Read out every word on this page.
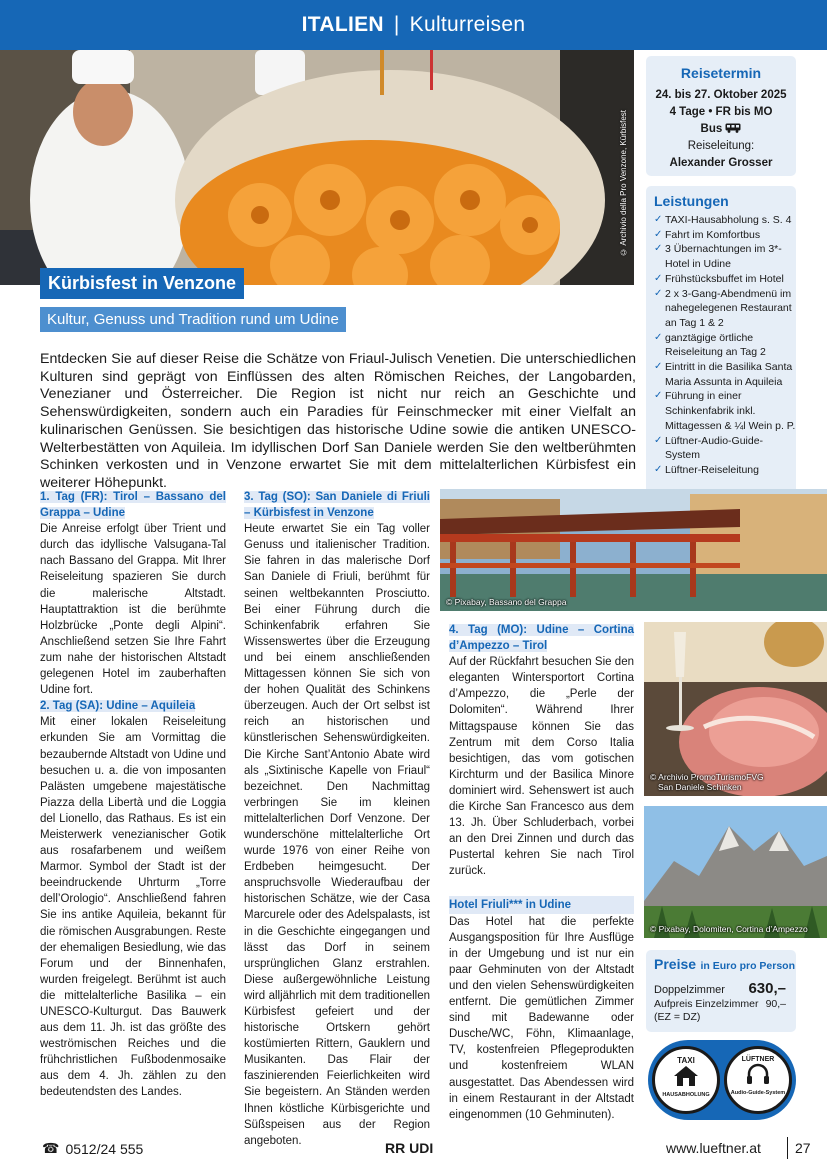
ITALIEN | Kulturreisen
© Archivio della Pro Venzone, Kürbisfest
Kürbisfest in Venzone
Kultur, Genuss und Tradition rund um Udine
Entdecken Sie auf dieser Reise die Schätze von Friaul-Julisch Venetien. Die unterschiedlichen Kulturen sind geprägt von Einflüssen des alten Römischen Reiches, der Langobarden, Venezianer und Österreicher. Die Region ist nicht nur reich an Geschichte und Sehenswürdigkeiten, sondern auch ein Paradies für Feinschmecker mit einer Vielfalt an kulinarischen Genüssen. Sie besichtigen das historische Udine sowie die antiken UNESCO-Welterbestätten von Aquileia. Im idyllischen Dorf San Daniele werden Sie den weltberühmten Schinken verkosten und in Venzone erwartet Sie mit dem mittelalterlichen Kürbisfest ein weiterer Höhepunkt.
Reisetermin
24. bis 27. Oktober 2025
4 Tage • FR bis MO
Bus
Reiseleitung:
Alexander Grosser
Leistungen
✓ TAXI-Hausabholung s. S. 4
✓ Fahrt im Komfortbus
✓ 3 Übernachtungen im 3*-Hotel in Udine
✓ Frühstücksbuffet im Hotel
✓ 2 x 3-Gang-Abendmenü im nahegelegenen Restaurant an Tag 1 & 2
✓ ganztägige örtliche Reiseleitung an Tag 2
✓ Eintritt in die Basilika Santa Maria Assunta in Aquileia
✓ Führung in einer Schinkenfabrik inkl. Mittagessen & ¼l Wein p. P.
✓ Lüftner-Audio-Guide-System
✓ Lüftner-Reiseleitung
1. Tag (FR): Tirol – Bassano del Grappa – Udine
Die Anreise erfolgt über Trient und durch das idyllische Valsugana-Tal nach Bassano del Grappa. Mit Ihrer Reiseleitung spazieren Sie durch die malerische Altstadt. Hauptattraktion ist die berühmte Holzbrücke „Ponte degli Alpini“. Anschließend setzen Sie Ihre Fahrt zum nahe der historischen Altstadt gelegenen Hotel im zauberhaften Udine fort.
2. Tag (SA): Udine – Aquileia
Mit einer lokalen Reiseleitung erkunden Sie am Vormittag die bezaubernde Altstadt von Udine und besuchen u. a. die von imposanten Palästen umgebene majestätische Piazza della Libertà und die Loggia del Lionello, das Rathaus. Es ist ein Meisterwerk venezianischer Gotik aus rosafarbenem und weißem Marmor. Symbol der Stadt ist der beeindruckende Uhrturm „Torre dell’Orologio“. Anschließend fahren Sie ins antike Aquileia, bekannt für die römischen Ausgrabungen. Reste der ehemaligen Besiedlung, wie das Forum und der Binnenhafen, wurden freigelegt. Berühmt ist auch die mittelalterliche Basilika – ein UNESCO-Kulturgut. Das Bauwerk aus dem 11. Jh. ist das größte des weströmischen Reiches und die frühchristlichen Fußbodenmosaike aus dem 4. Jh. zählen zu den bedeutendsten des Landes.
3. Tag (SO): San Daniele di Friuli – Kürbisfest in Venzone
Heute erwartet Sie ein Tag voller Genuss und italienischer Tradition. Sie fahren in das malerische Dorf San Daniele di Friuli, berühmt für seinen weltbekannten Prosciutto. Bei einer Führung durch die Schinkenfabrik erfahren Sie Wissenswertes über die Erzeugung und bei einem anschließenden Mittagessen können Sie sich von der hohen Qualität des Schinkens überzeugen. Auch der Ort selbst ist reich an historischen und künstlerischen Sehenswürdigkeiten. Die Kirche Sant’Antonio Abate wird als „Sixtinische Kapelle von Friaul“ bezeichnet. Den Nachmittag verbringen Sie im kleinen mittelalterlichen Dorf Venzone. Der wunderschöne mittelalterliche Ort wurde 1976 von einer Reihe von Erdbeben heimgesucht. Der anspruchsvolle Wiederaufbau der historischen Schätze, wie der Casa Marcurele oder des Adelspalasts, ist in die Geschichte eingegangen und lässt das Dorf in seinem ursprünglichen Glanz erstrahlen. Diese außergewöhnliche Leistung wird alljährlich mit dem traditionellen Kürbisfest gefeiert und der historische Ortskern gehört kostümierten Rittern, Gauklern und Musikanten. Das Flair der faszinierenden Feierlichkeiten wird Sie begeistern. An Ständen werden Ihnen köstliche Kürbisgerichte und Süßspeisen aus der Region angeboten.
© Pixabay, Bassano del Grappa
4. Tag (MO): Udine – Cortina d’Ampezzo – Tirol
Auf der Rückfahrt besuchen Sie den eleganten Wintersportort Cortina d’Ampezzo, die „Perle der Dolomiten“. Während Ihrer Mittagspause können Sie das Zentrum mit dem Corso Italia besichtigen, das vom gotischen Kirchturm und der Basilica Minore dominiert wird. Sehenswert ist auch die Kirche San Francesco aus dem 13. Jh. Über Schluderbach, vorbei an den Drei Zinnen und durch das Pustertal kehren Sie nach Tirol zurück.
Hotel Friuli*** in Udine
Das Hotel hat die perfekte Ausgangsposition für Ihre Ausflüge in der Umgebung und ist nur ein paar Gehminuten von der Altstadt und den vielen Sehenswürdigkeiten entfernt. Die gemütlichen Zimmer sind mit Badewanne oder Dusche/WC, Föhn, Klimaanlage, TV, kostenfreien Pflegeprodukten und kostenfreiem WLAN ausgestattet. Das Abendessen wird in einem Restaurant in der Altstadt eingenommen (10 Gehminuten).
© Archivio PromoTurismoFVG
San Daniele Schinken
© Pixabay, Dolomiten, Cortina d’Ampezzo
Preise in Euro pro Person
Doppelzimmer 630,–
Aufpreis Einzelzimmer 90,–
(EZ = DZ)
TAXI
HAUSABHOLUNG
LÜFTNER
Audio-Guide-System
☎ 0512/24 555	RR UDI	www.lueftner.at 27
